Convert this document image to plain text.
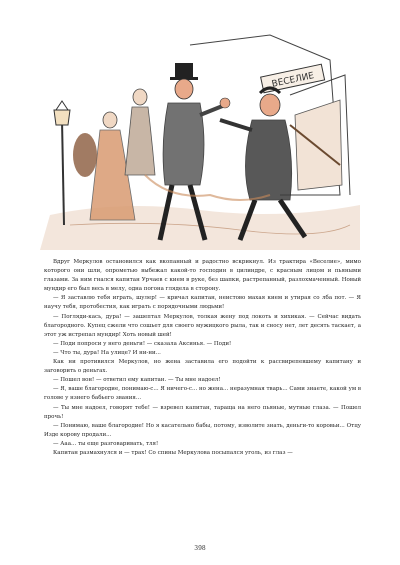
ВЕСЕЛИЕ

Вдруг Меркулов остановился как вкопанный и радостно вскрикнул. Из трактира «Веселие», мимо которого они шли, опрометью выбежал какой-то господин в цилиндре, с красным лицом и пьяными глазами. За ним гнался капитан Урчаев с кием в руке, без шапки, растрепанный, разлохмаченный. Новый мундир его был весь в мелу, одна погона глядела в сторону.

— Я заставлю тебя играть, шулер! — кричал капитан, неистово махая кием и утирая со лба пот. — Я научу тебя, протобестия, как играть с порядочными людьми!

— Погляди-кась, дура! — зашептал Меркулов, толкая жену под локоть и хихикая. — Сейчас видать благородного. Купец сжели что сошьет для своего мужицкого рыла, так и сносу нет, лет десять таскает, а этот уж истрепал мундир! Хоть новый шей!

— Поди попроси у него деньги! — сказала Аксинья. — Поди!

— Что ты, дура! На улице? И ни-ни...

Как ни противился Меркулов, но жена заставила его подойти к рассвирепевшему капитану и заговорить о деньгах.

— Пошел вон! — ответил ему капитан. — Ты мне надоел!

— Я, ваше благородие, понимаю-с... Я ничего-с... но жена... неразумная тварь... Сами знаете, какой ум в голове у нзнего бабьего звания...

— Ты мне надоел, говорят тебе! — взревел капитан, тараща на него пьяные, мутные глаза. — Пошел прочь!

— Понимаю, ваше благородие! Но я касательно бабы, потому, изволите знать, деньги-то коровьи... Отцу Изде корову продали...

— Ааа... ты еще разговаривать, тля!

Капитан размахнулся и — трах! Со спины Меркулова посыпался уголь, из глаз —

398
